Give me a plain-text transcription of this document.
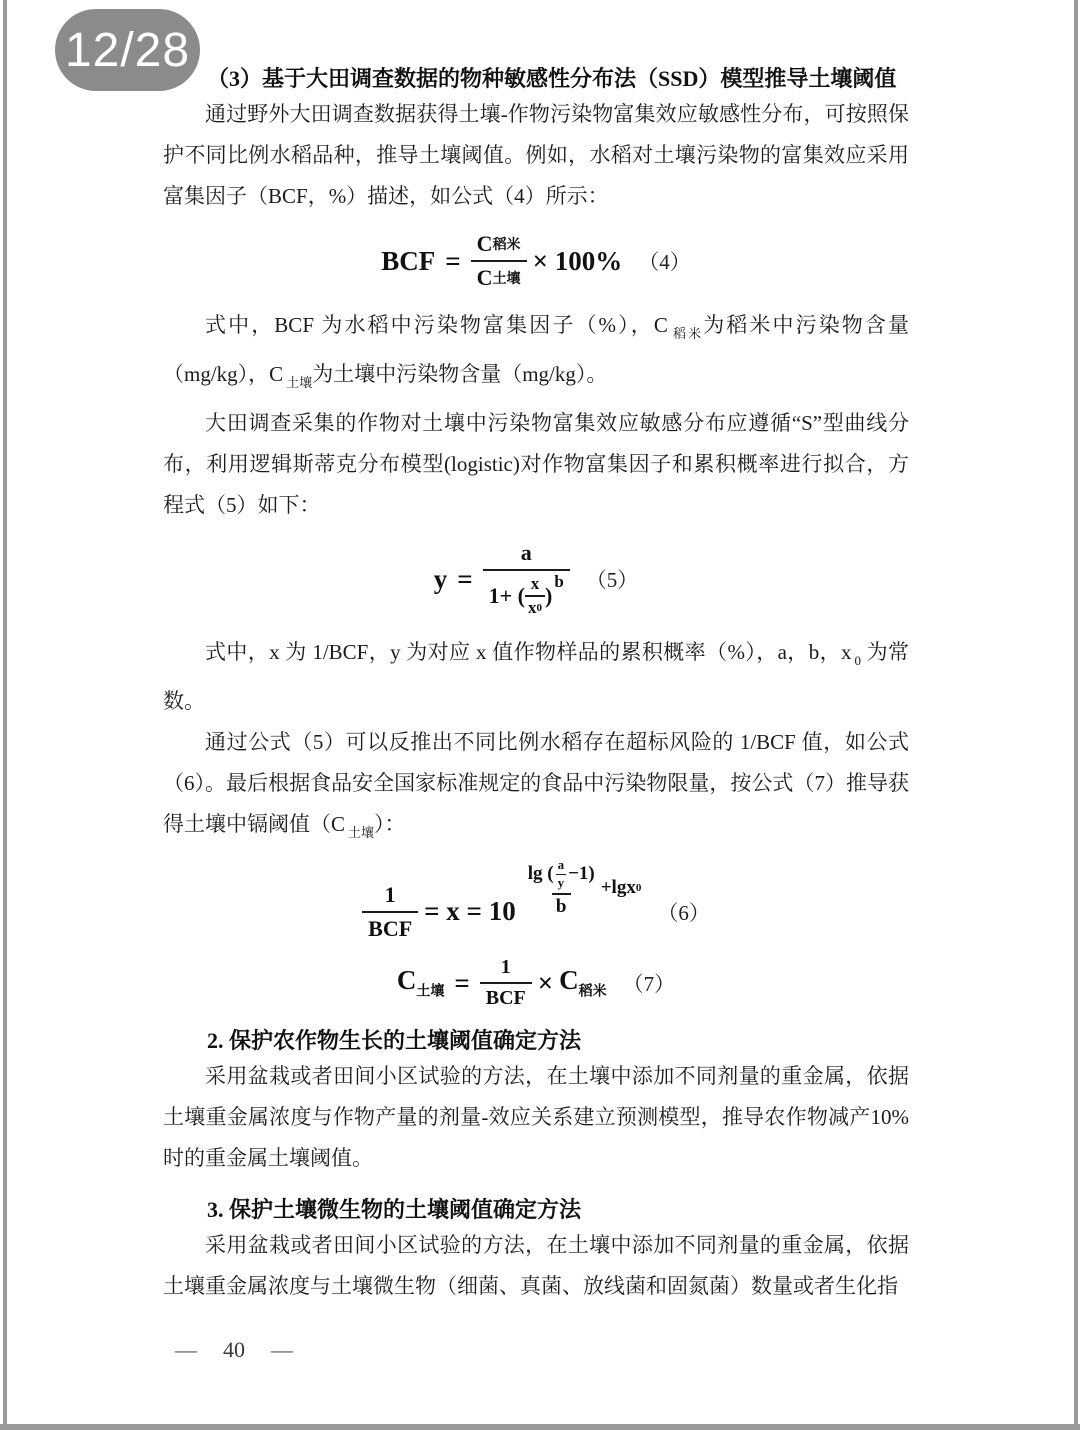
12/28
（3）基于大田调查数据的物种敏感性分布法（SSD）模型推导土壤阈值

通过野外大田调查数据获得土壤-作物污染物富集效应敏感性分布，可按照保护不同比例水稻品种，推导土壤阈值。例如，水稻对土壤污染物的富集效应采用富集因子（BCF，%）描述，如公式（4）所示：

BCF = $\frac{\text{C 稻米}}{\text{C 土壤}} \times 100\%$ （4）

式中，BCF 为水稻中污染物富集因子（%），C $_{稻米}$为稻米中污染物含量（mg/kg），C $_{土壤}$为土壤中污染物含量（mg/kg）。

大田调查采集的作物对土壤中污染物富集效应敏感分布应遵循“S”型曲线分布，利用逻辑斯蒂克分布模型(logistic)对作物富集因子和累积概率进行拟合，方程式（5）如下：

y =
a
1+ ( $\frac{x}{x 0}$ )
b （5）

式中，x 为 1/BCF，y 为对应 x 值作物样品的累积概率（%），a，b，x $_0$ 为常数。

通过公式（5）可以反推出不同比例水稻存在超标风险的 1/BCF 值，如公式（6）。最后根据食品安全国家标准规定的食品中污染物限量，按公式（7）推导获得土壤中镉阈值（C $_{土壤}$）：

$\frac{1}{\text{BCF}} = x = 10$
lg ( $\frac{a}{y} -1$)
b
+lgx 0
（6）
$C_{土壤} = \frac{1}{\text{BCF}} \times C_{稻米}$ （7）
2. 保护农作物生长的土壤阈值确定方法

采用盆栽或者田间小区试验的方法，在土壤中添加不同剂量的重金属，依据土壤重金属浓度与作物产量的剂量-效应关系建立预测模型，推导农作物减产10%时的重金属土壤阈值。

3. 保护土壤微生物的土壤阈值确定方法

采用盆栽或者田间小区试验的方法，在土壤中添加不同剂量的重金属，依据土壤重金属浓度与土壤微生物（细菌、真菌、放线菌和固氮菌）数量或者生化指

— 40 —
